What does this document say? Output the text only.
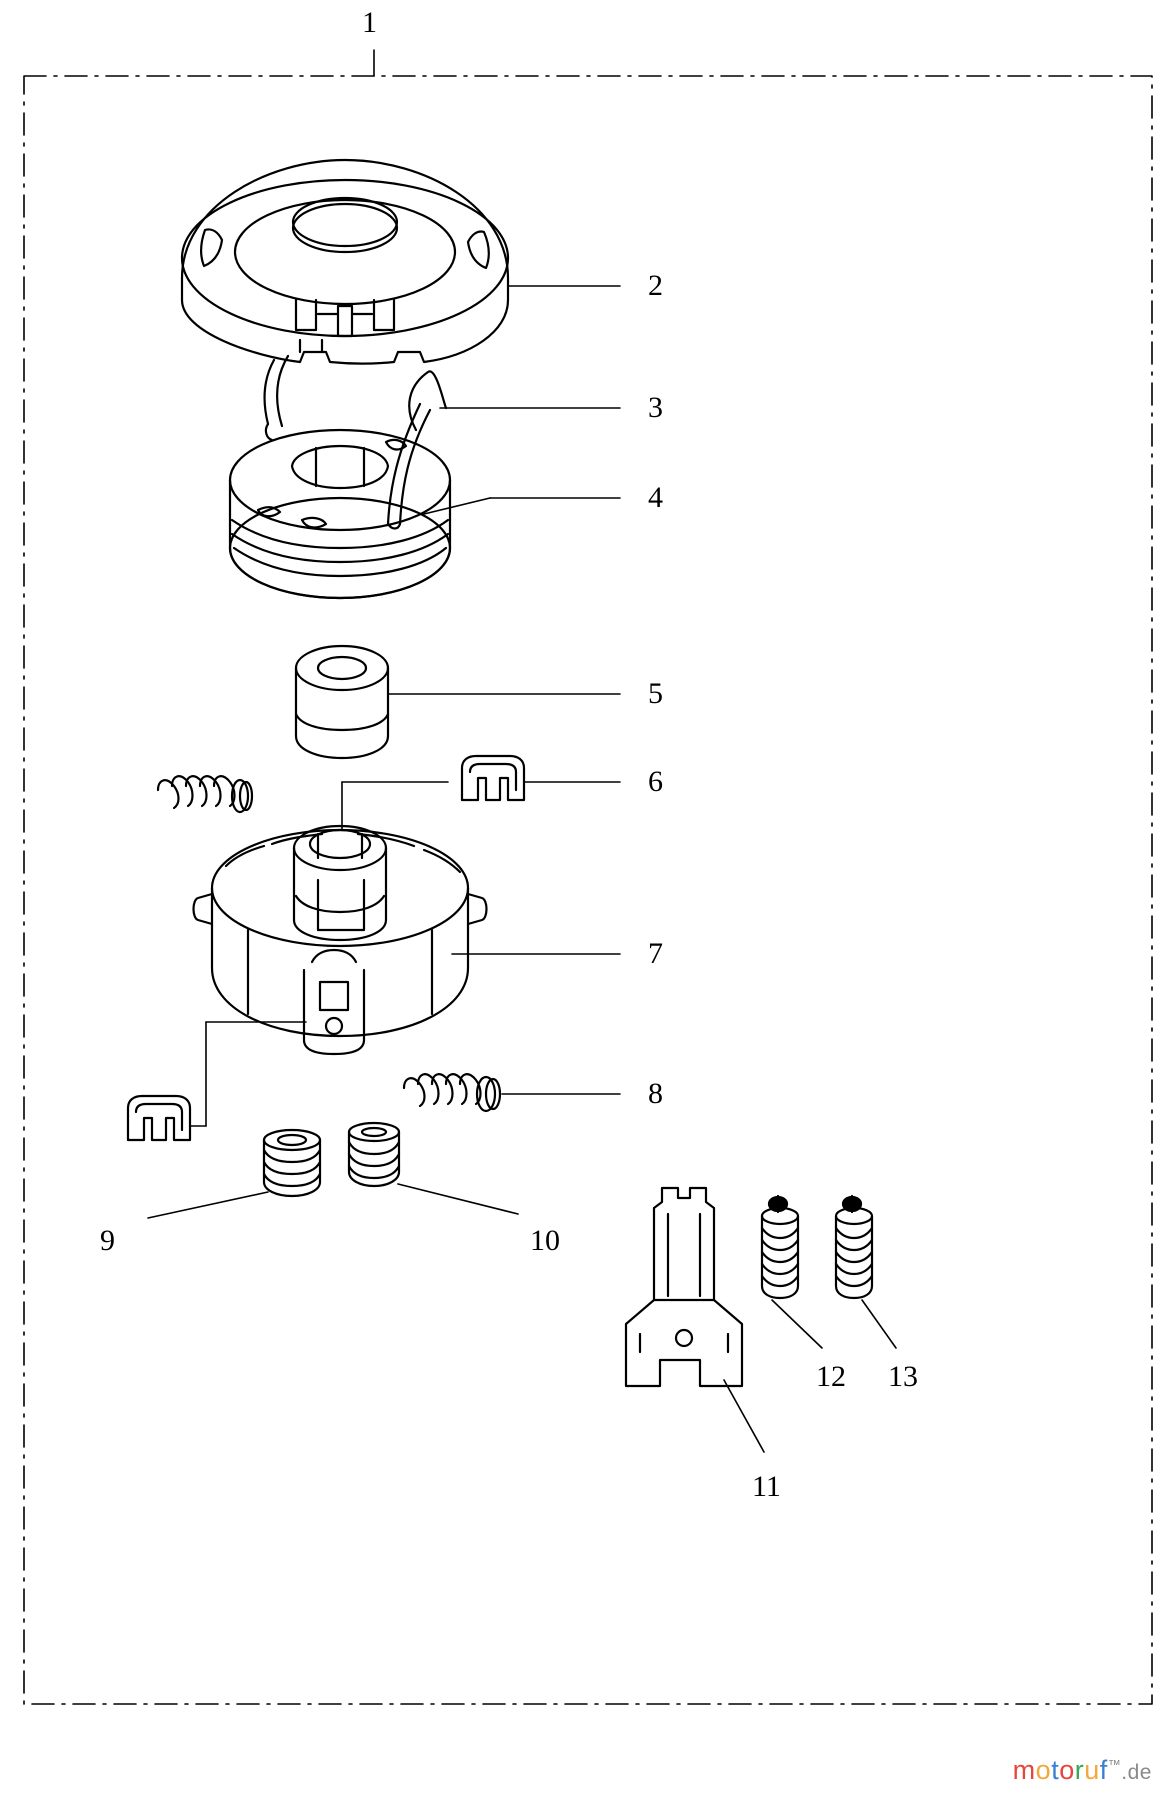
1
2
3
4
5
6
7
8
9	10
11
12 13
motoruf™.de
